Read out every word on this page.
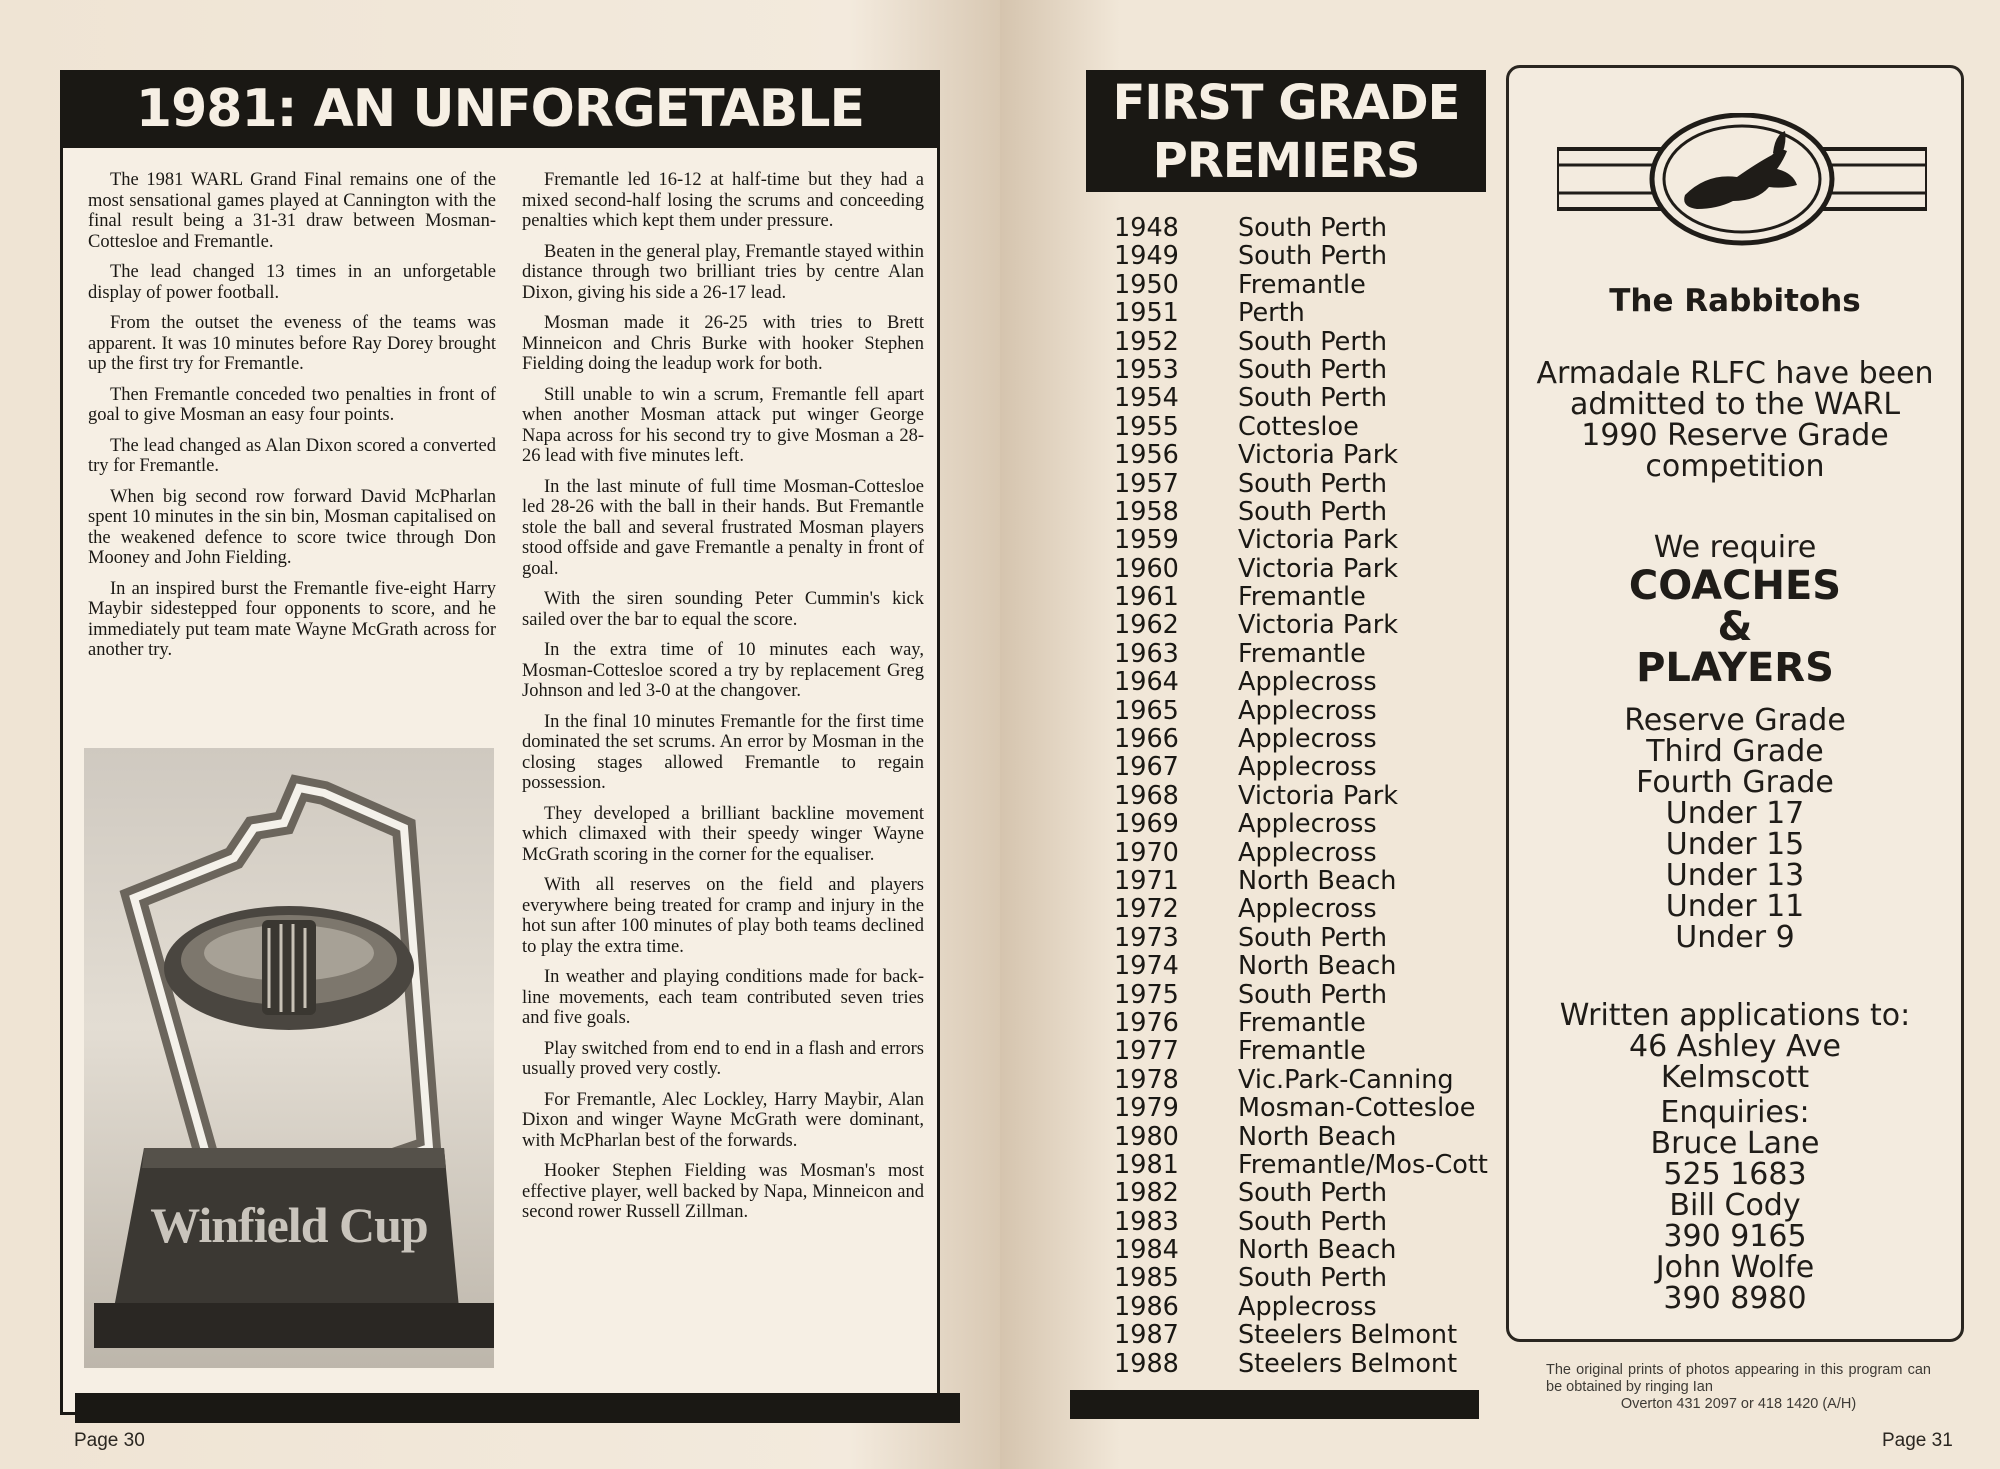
1981: AN UNFORGETABLE FINAL

The 1981 WARL Grand Final remains one of the most sensational games played at Cannington with the final result being a 31-31 draw between Mosman-Cottesloe and Fremantle.

The lead changed 13 times in an unforgetable display of power football.

From the outset the eveness of the teams was apparent. It was 10 minutes before Ray Dorey brought up the first try for Fremantle.

Then Fremantle conceded two penalties in front of goal to give Mosman an easy four points.

The lead changed as Alan Dixon scored a converted try for Fremantle.

When big second row forward David McPharlan spent 10 minutes in the sin bin, Mosman capitalised on the weakened defence to score twice through Don Mooney and John Fielding.

In an inspired burst the Fremantle five-eight Harry Maybir sidestepped four opponents to score, and he immediately put team mate Wayne McGrath across for another try.

Fremantle led 16-12 at half-time but they had a mixed second-half losing the scrums and conceeding penalties which kept them under pressure.

Beaten in the general play, Fremantle stayed within distance through two brilliant tries by centre Alan Dixon, giving his side a 26-17 lead.

Mosman made it 26-25 with tries to Brett Minneicon and Chris Burke with hooker Stephen Fielding doing the leadup work for both.

Still unable to win a scrum, Fremantle fell apart when another Mosman attack put winger George Napa across for his second try to give Mosman a 28-26 lead with five minutes left.

In the last minute of full time Mosman-Cottesloe led 28-26 with the ball in their hands. But Fremantle stole the ball and several frustrated Mosman players stood offside and gave Fremantle a penalty in front of goal.

With the siren sounding Peter Cummin's kick sailed over the bar to equal the score.

In the extra time of 10 minutes each way, Mosman-Cottesloe scored a try by replacement Greg Johnson and led 3-0 at the changover.

In the final 10 minutes Fremantle for the first time dominated the set scrums. An error by Mosman in the closing stages allowed Fremantle to regain possession.

They developed a brilliant backline movement which climaxed with their speedy winger Wayne McGrath scoring in the corner for the equaliser.

With all reserves on the field and players everywhere being treated for cramp and injury in the hot sun after 100 minutes of play both teams declined to play the extra time.

In weather and playing conditions made for back-line movements, each team contributed seven tries and five goals.

Play switched from end to end in a flash and errors usually proved very costly.

For Fremantle, Alec Lockley, Harry Maybir, Alan Dixon and winger Wayne McGrath were dominant, with McPharlan best of the forwards.

Hooker Stephen Fielding was Mosman's most effective player, well backed by Napa, Minneicon and second rower Russell Zillman.

Winfield Cup
Page 30
FIRST GRADE
PREMIERS
1948 South Perth
1949 South Perth
1950 Fremantle
1951 Perth
1952 South Perth
1953 South Perth
1954 South Perth
1955 Cottesloe
1956 Victoria Park
1957 South Perth
1958 South Perth
1959 Victoria Park
1960 Victoria Park
1961 Fremantle
1962 Victoria Park
1963 Fremantle
1964 Applecross
1965 Applecross
1966 Applecross
1967 Applecross
1968 Victoria Park
1969 Applecross
1970 Applecross
1971 North Beach
1972 Applecross
1973 South Perth
1974 North Beach
1975 South Perth
1976 Fremantle
1977 Fremantle
1978 Vic.Park-Canning
1979 Mosman-Cottesloe
1980 North Beach
1981 Fremantle/Mos-Cott
1982 South Perth
1983 South Perth
1984 North Beach
1985 South Perth
1986 Applecross
1987 Steelers Belmont
1988 Steelers Belmont
The Rabbitohs
Armadale RLFC have been
admitted to the WARL
1990 Reserve Grade
competition
We require
COACHES
&
PLAYERS
Reserve Grade
Third Grade
Fourth Grade
Under 17
Under 15
Under 13
Under 11
Under 9
Written applications to:
46 Ashley Ave
Kelmscott
Enquiries:
Bruce Lane
525 1683
Bill Cody
390 9165
John Wolfe
390 8980
The original prints of photos appearing in this program can be obtained by ringing Ian
Overton 431 2097 or 418 1420 (A/H)
Page 31
